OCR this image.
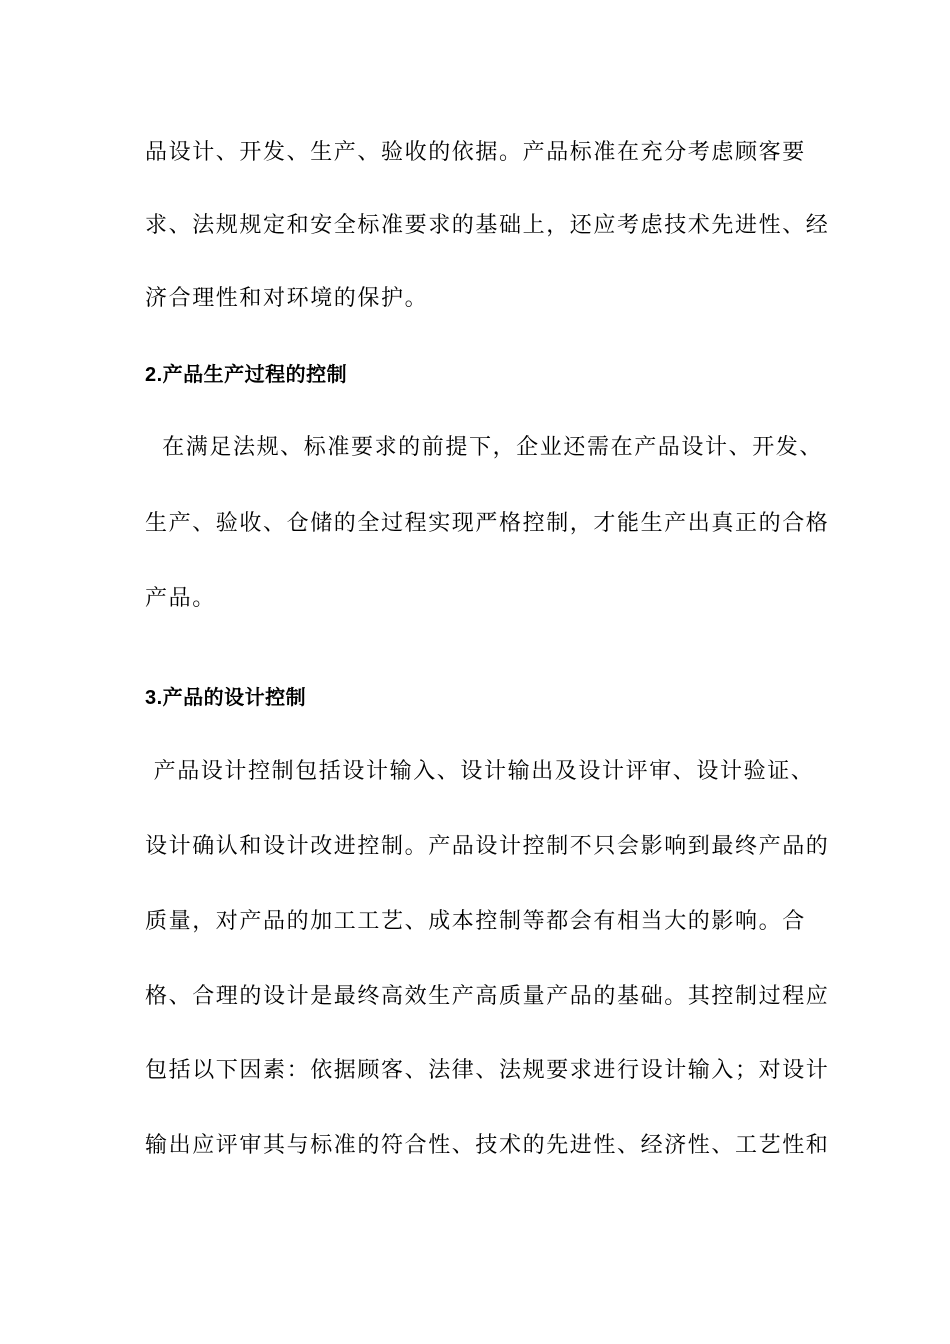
品设计、开发、生产、验收的依据。产品标准在充分考虑顾客要
求、法规规定和安全标准要求的基础上，还应考虑技术先进性、经
济合理性和对环境的保护。
2.产品生产过程的控制
在满足法规、标准要求的前提下，企业还需在产品设计、开发、
生产、验收、仓储的全过程实现严格控制，才能生产出真正的合格
产品。
3.产品的设计控制
产品设计控制包括设计输入、设计输出及设计评审、设计验证、
设计确认和设计改进控制。产品设计控制不只会影响到最终产品的
质量，对产品的加工工艺、成本控制等都会有相当大的影响。合
格、合理的设计是最终高效生产高质量产品的基础。其控制过程应
包括以下因素：依据顾客、法律、法规要求进行设计输入；对设计
输出应评审其与标准的符合性、技术的先进性、经济性、工艺性和
